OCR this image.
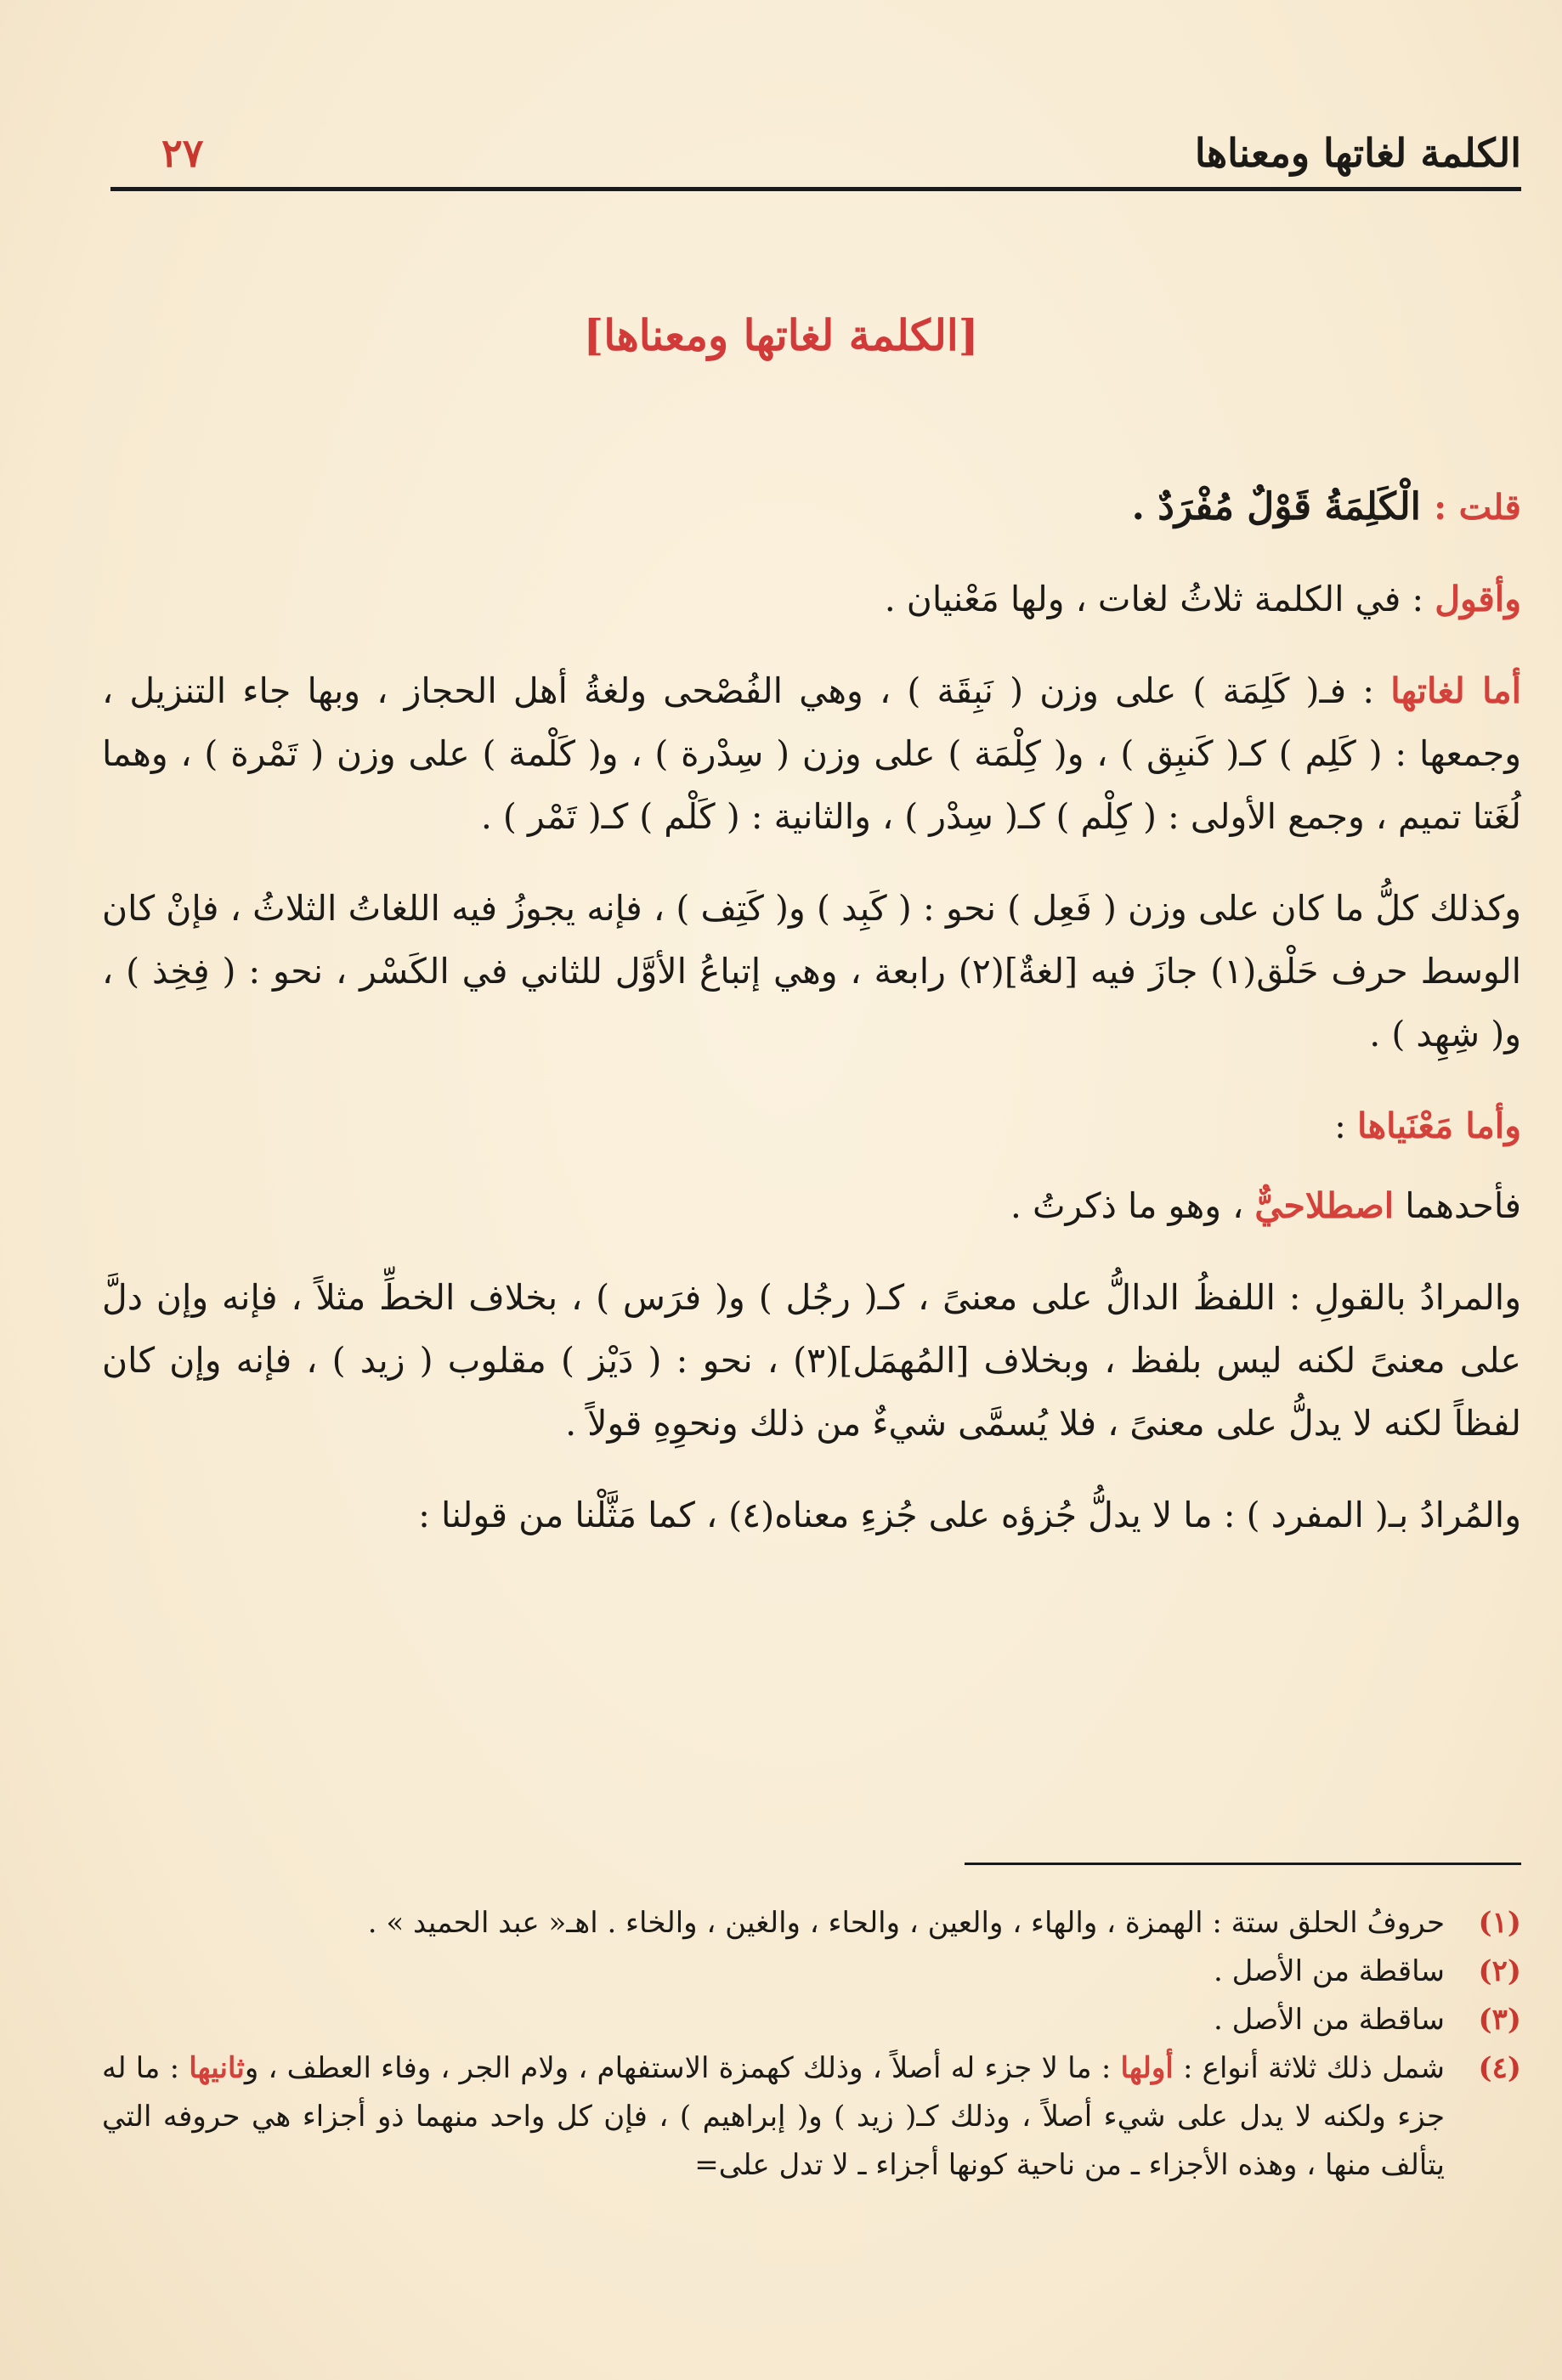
الكلمة لغاتها ومعناها
٢٧
[الكلمة لغاتها ومعناها]

قلت : الْكَلِمَةُ قَوْلٌ مُفْرَدٌ .

وأقول : في الكلمة ثلاثُ لغات ، ولها مَعْنيان .

أما لغاتها : فـ( كَلِمَة ) على وزن ( نَبِقَة ) ، وهي الفُصْحى ولغةُ أهل الحجاز ، وبها جاء التنزيل ، وجمعها : ( كَلِم ) كـ( كَنبِق ) ، و( كِلْمَة ) على وزن ( سِدْرة ) ، و( كَلْمة ) على وزن ( تَمْرة ) ، وهما لُغَتا تميم ، وجمع الأولى : ( كِلْم ) كـ( سِدْر ) ، والثانية : ( كَلْم ) كـ( تَمْر ) .

وكذلك كلُّ ما كان على وزن ( فَعِل ) نحو : ( كَبِد ) و( كَتِف ) ، فإنه يجوزُ فيه اللغاتُ الثلاثُ ، فإنْ كان الوسط حرف حَلْق(١) جازَ فيه [لغةٌ](٢) رابعة ، وهي إتباعُ الأوَّل للثاني في الكَسْر ، نحو : ( فِخِذ ) ، و( شِهِد ) .

وأما مَعْنَياها :

فأحدهما اصطلاحيٌّ ، وهو ما ذكرتُ .

والمرادُ بالقولِ : اللفظُ الدالُّ على معنىً ، كـ( رجُل ) و( فرَس ) ، بخلاف الخطِّ مثلاً ، فإنه وإن دلَّ على معنىً لكنه ليس بلفظ ، وبخلاف [المُهمَل](٣) ، نحو : ( دَيْز ) مقلوب ( زيد ) ، فإنه وإن كان لفظاً لكنه لا يدلُّ على معنىً ، فلا يُسمَّى شيءٌ من ذلك ونحوِهِ قولاً .

والمُرادُ بـ( المفرد ) : ما لا يدلُّ جُزؤه على جُزءِ معناه(٤) ، كما مَثَّلْنا من قولنا :

(١)
حروفُ الحلق ستة : الهمزة ، والهاء ، والعين ، والحاء ، والغين ، والخاء . اهـ« عبد الحميد » .
(٢)
ساقطة من الأصل .
(٣)
ساقطة من الأصل .
(٤)
شمل ذلك ثلاثة أنواع : أولها : ما لا جزء له أصلاً ، وذلك كهمزة الاستفهام ، ولام الجر ، وفاء العطف ، وثانيها : ما له جزء ولكنه لا يدل على شيء أصلاً ، وذلك كـ( زيد ) و( إبراهيم ) ، فإن كل واحد منهما ذو أجزاء هي حروفه التي يتألف منها ، وهذه الأجزاء ـ من ناحية كونها أجزاء ـ لا تدل على=
